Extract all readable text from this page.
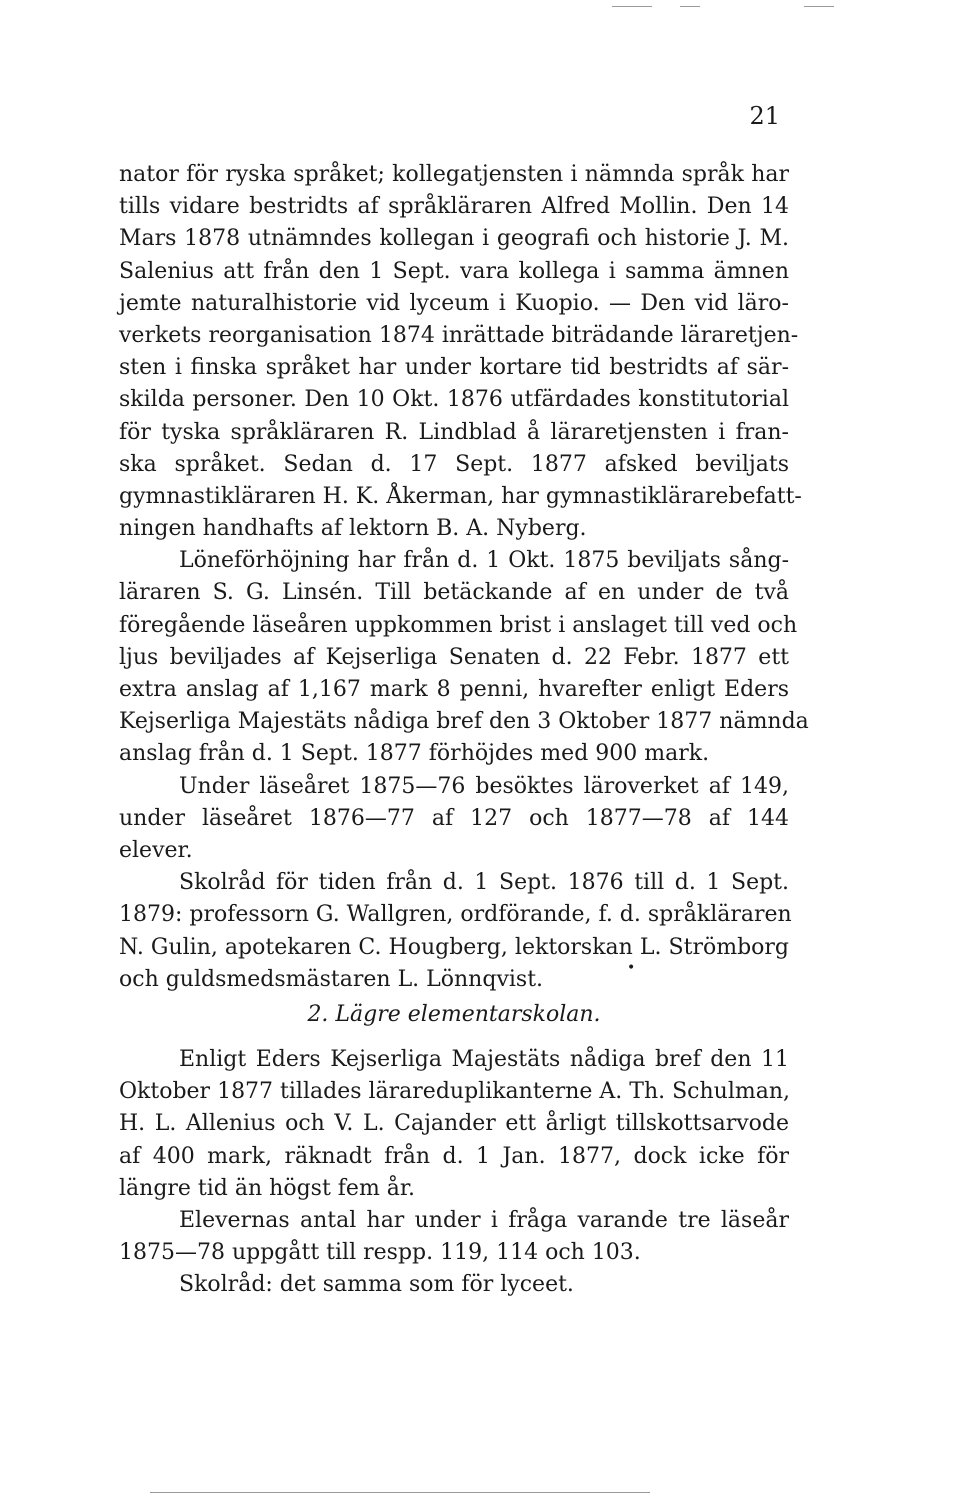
21
nator för ryska språket; kollegatjensten i nämnda språk har
tills vidare bestridts af språkläraren Alfred Mollin. Den 14
Mars 1878 utnämndes kollegan i geografi och historie J. M.
Salenius att från den 1 Sept. vara kollega i samma ämnen
jemte naturalhistorie vid lyceum i Kuopio. — Den vid läro-
verkets reorganisation 1874 inrättade biträdande läraretjen-
sten i finska språket har under kortare tid bestridts af sär-
skilda personer. Den 10 Okt. 1876 utfärdades konstitutorial
för tyska språkläraren R. Lindblad å läraretjensten i fran-
ska språket. Sedan d. 17 Sept. 1877 afsked beviljats
gymnastikläraren H. K. Åkerman, har gymnastiklärarebefatt-
ningen handhafts af lektorn B. A. Nyberg.
Löneförhöjning har från d. 1 Okt. 1875 beviljats sång-
läraren S. G. Linsén. Till betäckande af en under de två
föregående läseåren uppkommen brist i anslaget till ved och
ljus beviljades af Kejserliga Senaten d. 22 Febr. 1877 ett
extra anslag af 1,167 mark 8 penni, hvarefter enligt Eders
Kejserliga Majestäts nådiga bref den 3 Oktober 1877 nämnda
anslag från d. 1 Sept. 1877 förhöjdes med 900 mark.
Under läseåret 1875—76 besöktes läroverket af 149,
under läseåret 1876—77 af 127 och 1877—78 af 144
elever.
Skolråd för tiden från d. 1 Sept. 1876 till d. 1 Sept.
1879: professorn G. Wallgren, ordförande, f. d. språkläraren
N. Gulin, apotekaren C. Hougberg, lektorskan L. Strömborg
och guldsmedsmästaren L. Lönnqvist.	•
2. Lägre elementarskolan.
Enligt Eders Kejserliga Majestäts nådiga bref den 11
Oktober 1877 tillades lärareduplikanterne A. Th. Schulman,
H. L. Allenius och V. L. Cajander ett årligt tillskottsarvode
af 400 mark, räknadt från d. 1 Jan. 1877, dock icke för
längre tid än högst fem år.
Elevernas antal har under i fråga varande tre läseår
1875—78 uppgått till respp. 119, 114 och 103.
Skolråd: det samma som för lyceet.
